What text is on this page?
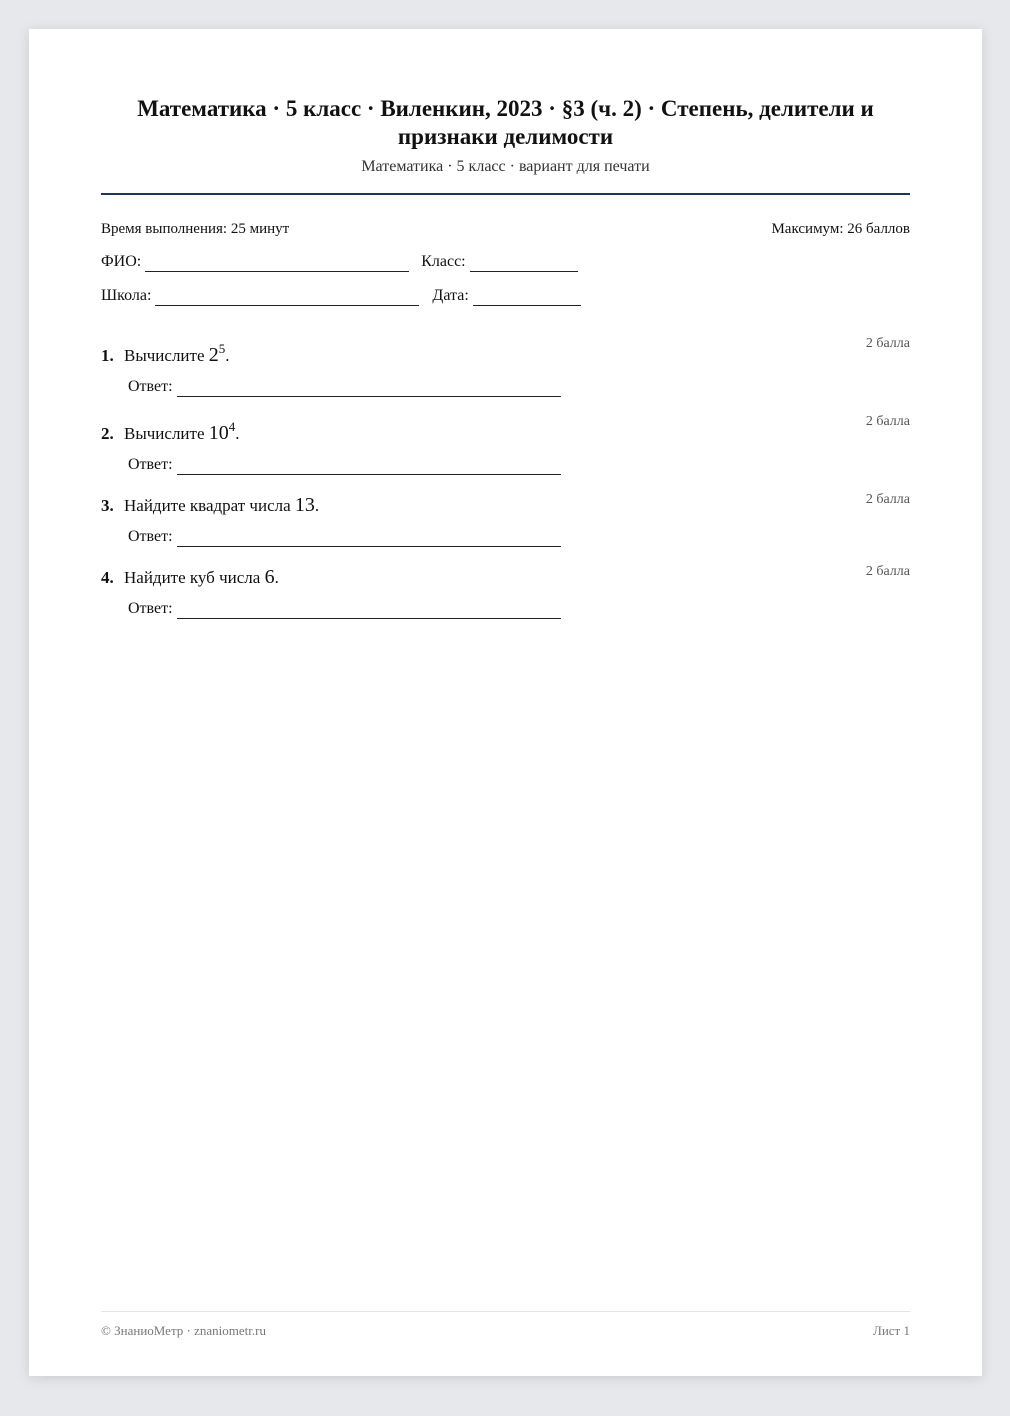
Математика · 5 класс · Виленкин, 2023 · §3 (ч. 2) · Степень, делители и признаки делимости
Математика · 5 класс · вариант для печати
Время выполнения: 25 минут	Максимум: 26 баллов
ФИО:	Класс:
Школа:	Дата:
1. Вычислите $2^5$.
2 балла
Ответ:
2. Вычислите $10^4$.
2 балла
Ответ:
3. Найдите квадрат числа 13.	2 балла
Ответ:
4. Найдите куб числа 6.	2 балла
Ответ:
© ЗнаниоМетр · znaniometr.ru	Лист 1
